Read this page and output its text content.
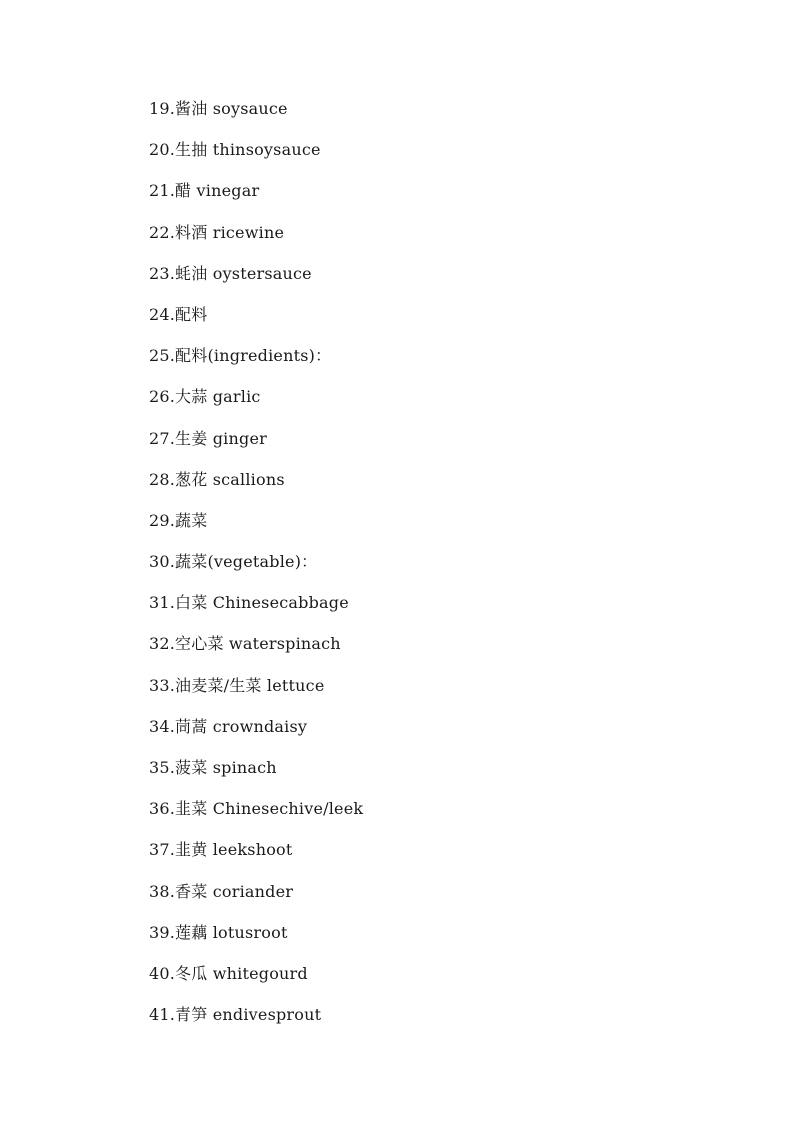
19.酱油 soysauce
20.生抽 thinsoysauce
21.醋 vinegar
22.料酒 ricewine
23.蚝油 oystersauce
24.配料
25.配料(ingredients)：
26.大蒜 garlic
27.生姜 ginger
28.葱花 scallions
29.蔬菜
30.蔬菜(vegetable)：
31.白菜 Chinesecabbage
32.空心菜 waterspinach
33.油麦菜/生菜 lettuce
34.茼蒿 crowndaisy
35.菠菜 spinach
36.韭菜 Chinesechive/leek
37.韭黄 leekshoot
38.香菜 coriander
39.莲藕 lotusroot
40.冬瓜 whitegourd
41.青笋 endivesprout
